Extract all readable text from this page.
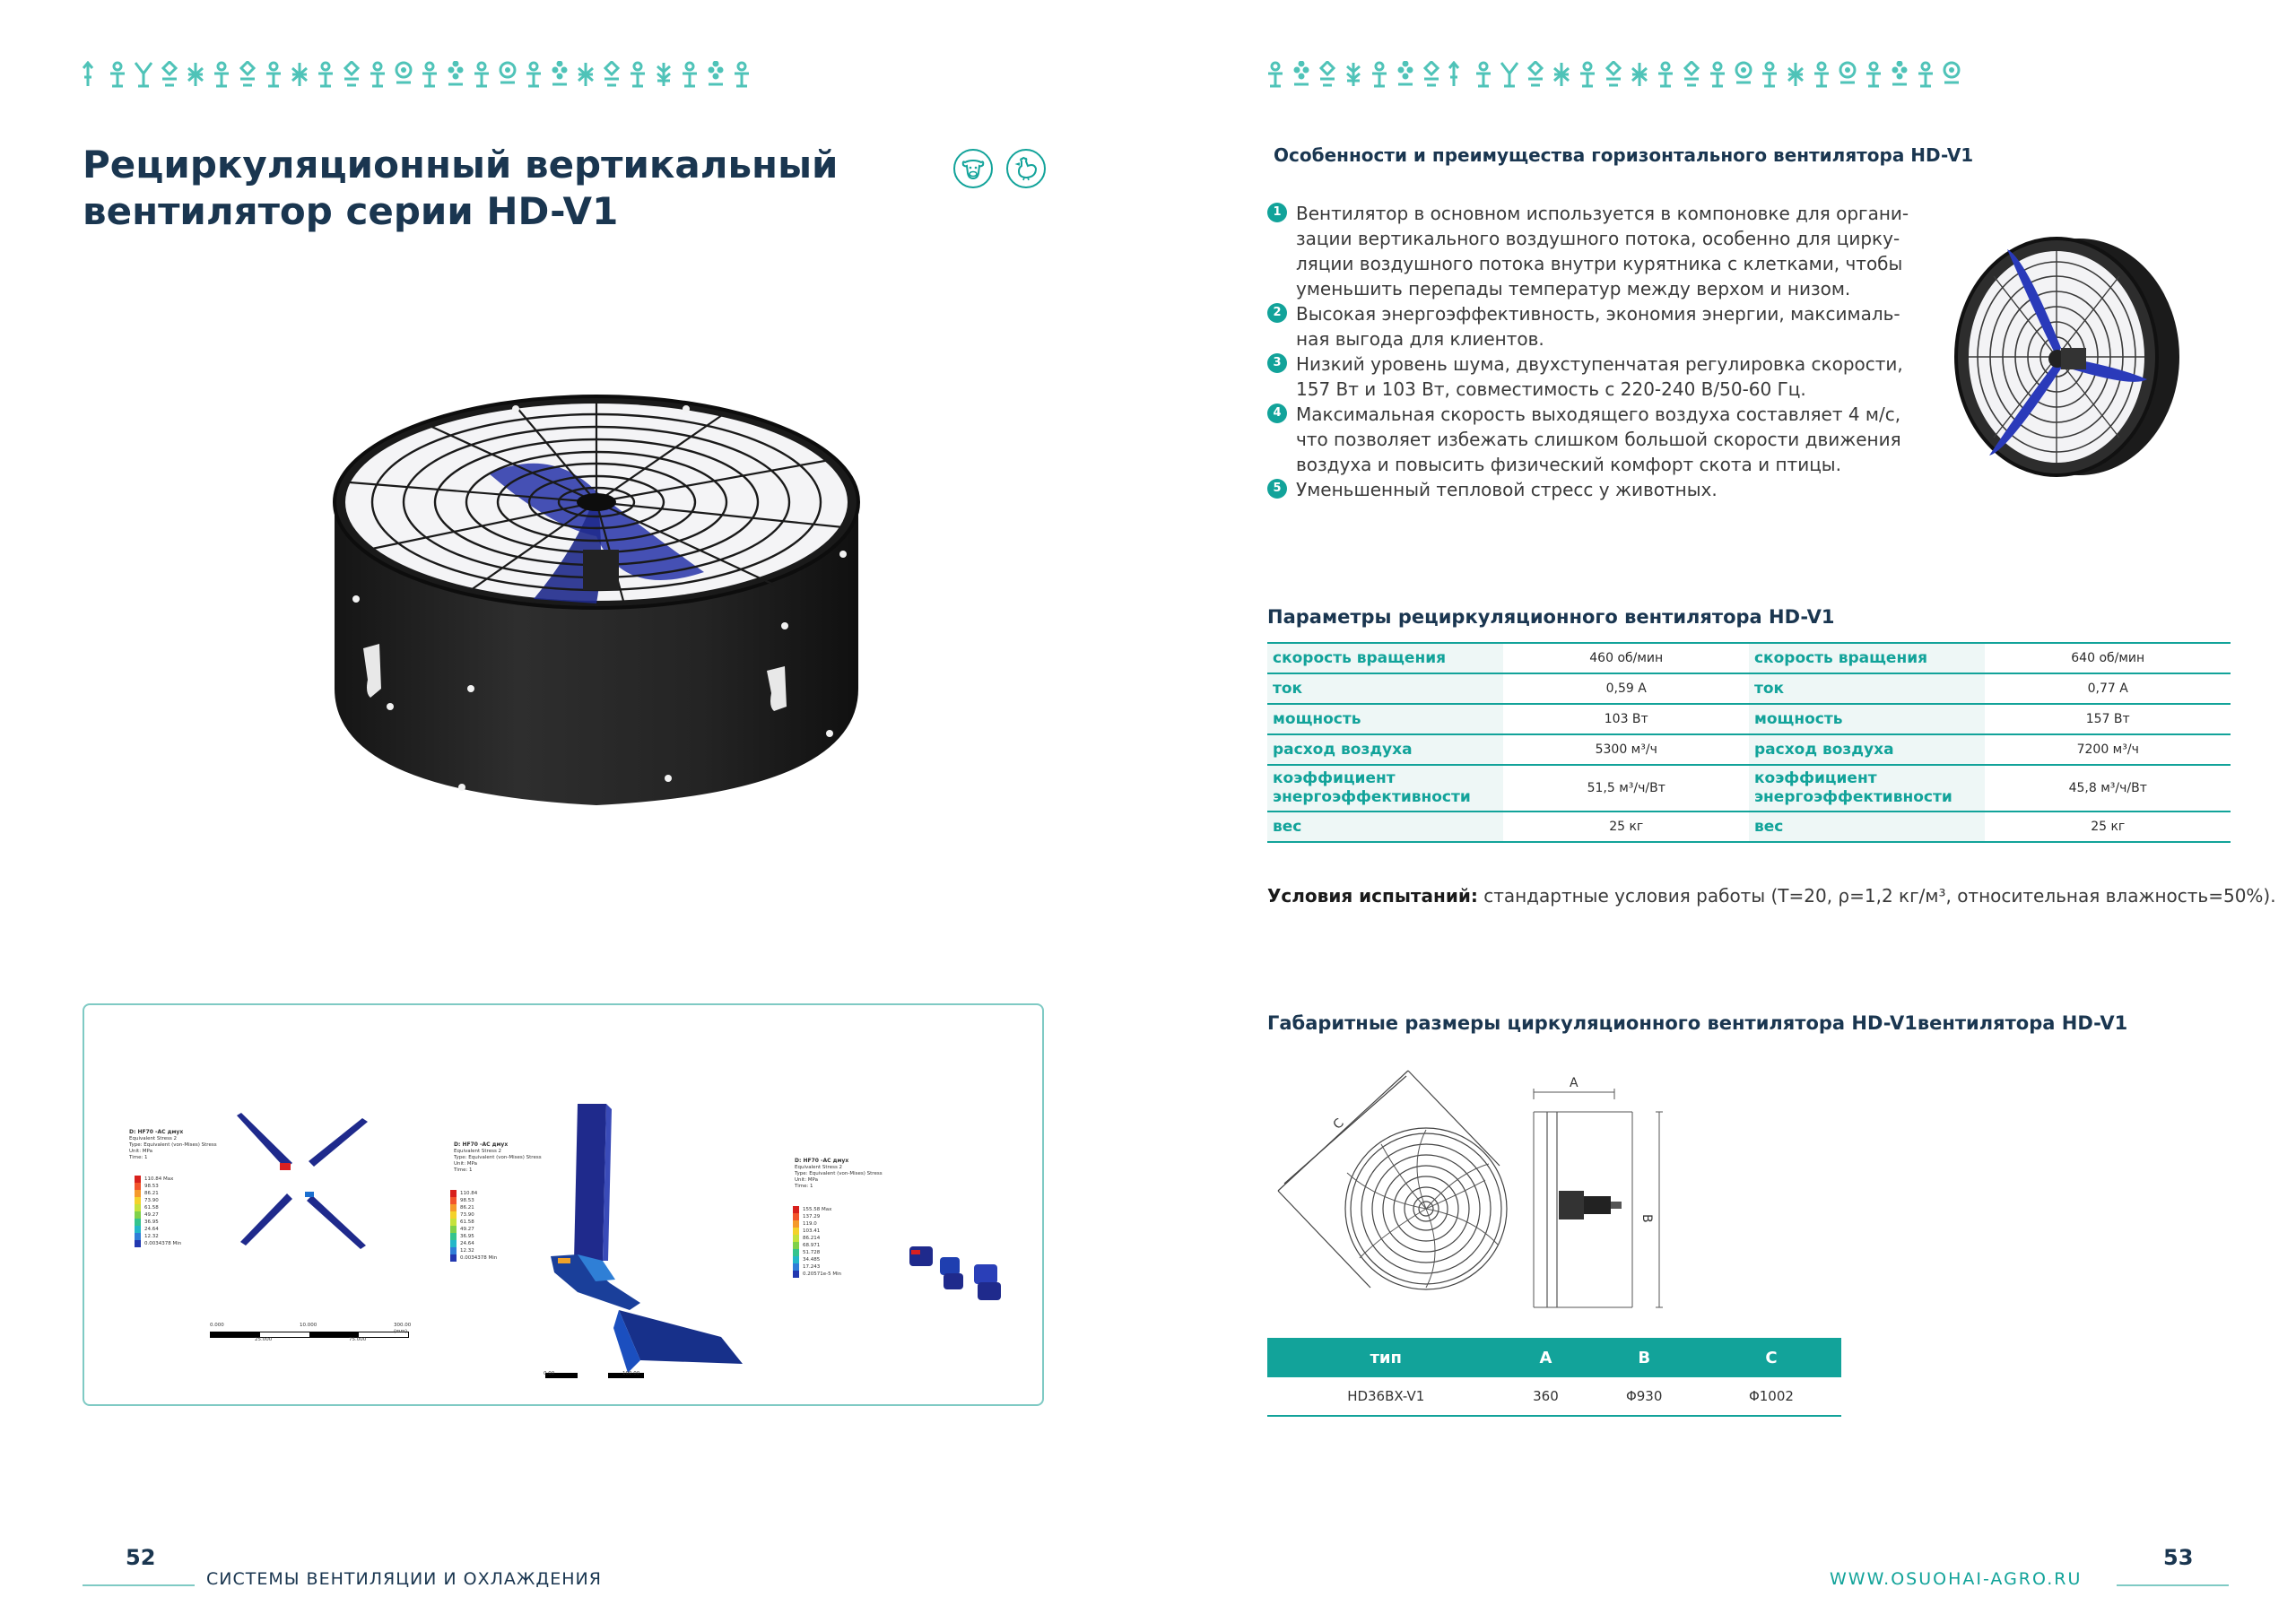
Рециркуляционный вертикальный
вентилятор серии HD-V1
D: HF70 -AC дмух
Equivalent Stress 2
Type: Equivalent (von-Mises) Stress
Unit: MPa
Time: 1
110.84 Max
98.53
86.21
73.90
61.58
49.27
36.95
24.64
12.32
0.0034378 Min
0.000	10.000	300.00 (mm)
25.000	75.000
D: HF70 -AC дмух
Equivalent Stress 2
Type: Equivalent (von-Mises) Stress
Unit: MPa
Time: 1
110.84
98.53
86.21
73.90
61.58
49.27
36.95
24.64
12.32
0.0034378 Min
0.00	100.00
D: HF70 -AC дмух
Equivalent Stress 2
Type: Equivalent (von-Mises) Stress
Unit: MPa
Time: 1
155.58 Max
137.29
119.0
103.41
86.214
68.971
51.728
34.485
17.243
0.20571e-5 Min
52
СИСТЕМЫ ВЕНТИЛЯЦИИ И ОХЛАЖДЕНИЯ
Особенности и преимущества горизонтального вентилятора HD-V1
1 Вентилятор в основном используется в компоновке для органи-
зации вертикального воздушного потока, особенно для цирку-
ляции воздушного потока внутри курятника с клетками, чтобы
уменьшить перепады температур между верхом и низом.
2 Высокая энергоэффективность, экономия энергии, максималь-
ная выгода для клиентов.
3 Низкий уровень шума, двухступенчатая регулировка скорости,
157 Вт и 103 Вт, совместимость с 220-240 В/50-60 Гц.
4 Максимальная скорость выходящего воздуха составляет 4 м/с,
что позволяет избежать слишком большой скорости движения
воздуха и повысить физический комфорт скота и птицы.
5 Уменьшенный тепловой стресс у животных.
Параметры рециркуляционного вентилятора HD-V1
скорость вращения	460 об/мин	скорость вращения	640 об/мин
ток	0,59 А	ток	0,77 А
мощность	103 Вт	мощность	157 Вт
расход воздуха	5300 м³/ч	расход воздуха	7200 м³/ч
коэффициент энергоэффективности	51,5 м³/ч/Вт	коэффициент энергоэффективности	45,8 м³/ч/Вт
вес	25 кг	вес	25 кг
Условия испытаний: стандартные условия работы (T=20, ρ=1,2 кг/м³, относительная влажность=50%).
Габаритные размеры циркуляционного вентилятора HD-V1вентилятора HD-V1
C
A
B
тип	A	B	C
HD36BX-V1	360	Φ930	Φ1002
WWW.OSUOHAI-AGRO.RU
53
